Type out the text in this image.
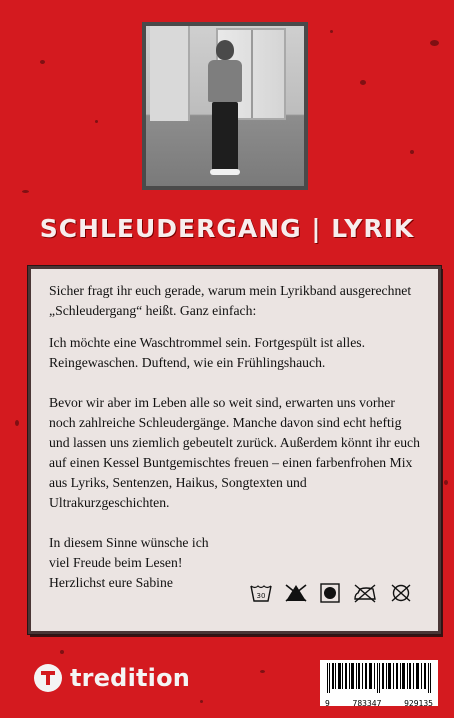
SCHLEUDERGANG | LYRIK

Sicher fragt ihr euch gerade, warum mein Lyrikband ausgerechnet „Schleudergang“ heißt. Ganz einfach:

Ich möchte eine Waschtrommel sein. Fortgespült ist alles. Reingewaschen. Duftend, wie ein Frühlingshauch.

Bevor wir aber im Leben alle so weit sind, erwarten uns vorher noch zahlreiche Schleudergänge. Manche davon sind echt heftig und lassen uns ziemlich gebeutelt zurück. Außerdem könnt ihr euch auf einen Kessel Buntgemischtes freuen – einen farbenfrohen Mix aus Lyriks, Sentenzen, Haikus, Songtexten und Ultrakurzgeschichten.

In diesem Sinne wünsche ich
viel Freude beim Lesen!
Herzlichst eure Sabine
30
tredition
9	783347	929135
